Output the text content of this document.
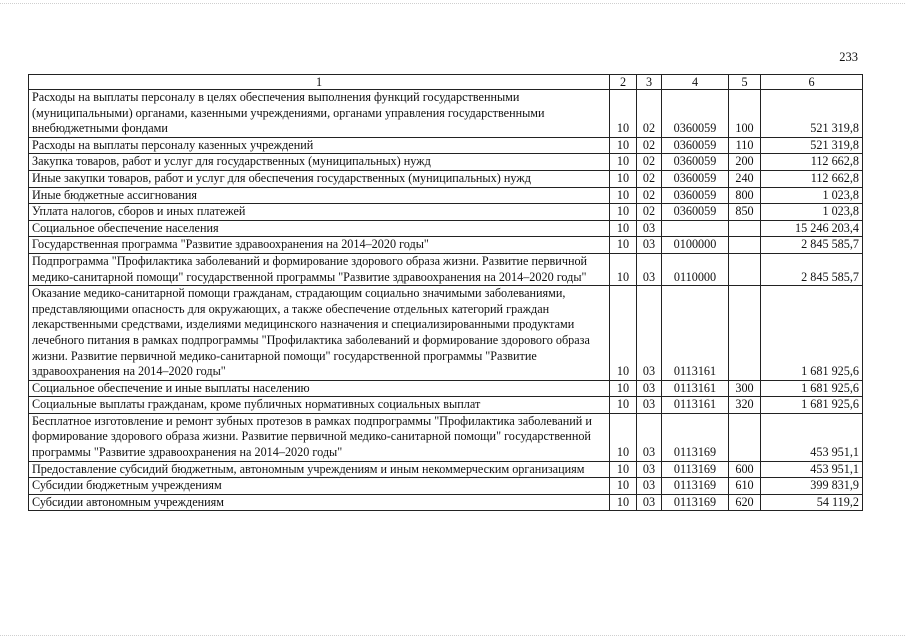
233
1	2	3	4	5	6
Расходы на выплаты персоналу в целях обеспечения выполнения функций государственными (муниципальными) органами, казенными учреждениями, органами управления государственными внебюджетными фондами	10	02	0360059	100	521 319,8
Расходы на выплаты персоналу казенных учреждений	10	02	0360059	110	521 319,8
Закупка товаров, работ и услуг для государственных (муниципальных) нужд	10	02	0360059	200	112 662,8
Иные закупки товаров, работ и услуг для обеспечения государственных (муниципальных) нужд	10	02	0360059	240	112 662,8
Иные бюджетные ассигнования	10	02	0360059	800	1 023,8
Уплата налогов, сборов и иных платежей	10	02	0360059	850	1 023,8
Социальное обеспечение населения	10	03			15 246 203,4
Государственная программа "Развитие здравоохранения на 2014–2020 годы"	10	03	0100000		2 845 585,7
Подпрограмма "Профилактика заболеваний и формирование здорового образа жизни. Развитие первичной медико-санитарной помощи" государственной программы "Развитие здравоохранения на 2014–2020 годы"	10	03	0110000		2 845 585,7
Оказание медико-санитарной помощи гражданам, страдающим социально значимыми заболеваниями, представляющими опасность для окружающих, а также обеспечение отдельных категорий граждан лекарственными средствами, изделиями медицинского назначения и специализированными продуктами лечебного питания в рамках подпрограммы "Профилактика заболеваний и формирование здорового образа жизни. Развитие первичной медико-санитарной помощи" государственной программы "Развитие здравоохранения на 2014–2020 годы"	10	03	0113161		1 681 925,6
Социальное обеспечение и иные выплаты населению	10	03	0113161	300	1 681 925,6
Социальные выплаты гражданам, кроме публичных нормативных социальных выплат	10	03	0113161	320	1 681 925,6
Бесплатное изготовление и ремонт зубных протезов в рамках подпрограммы "Профилактика заболеваний и формирование здорового образа жизни. Развитие первичной медико-санитарной помощи" государственной программы "Развитие здравоохранения на 2014–2020 годы"	10	03	0113169		453 951,1
Предоставление субсидий бюджетным, автономным учреждениям и иным некоммерческим организациям	10	03	0113169	600	453 951,1
Субсидии бюджетным учреждениям	10	03	0113169	610	399 831,9
Субсидии автономным учреждениям	10	03	0113169	620	54 119,2
